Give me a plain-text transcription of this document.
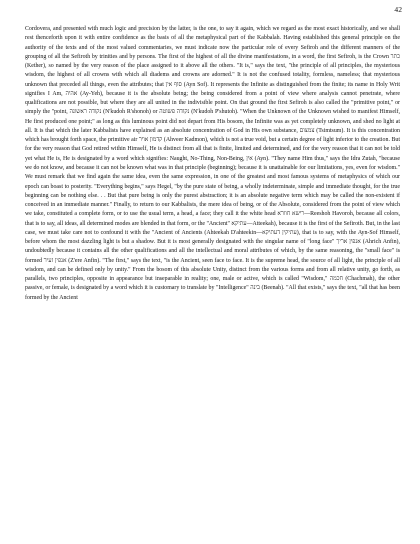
42

Cordovera, and presented with much logic and precision by the latter, is the one, to say it again, which we regard as the most exact historically, and we shall rest thenceforth upon it with entire confidence as the basis of all the metaphysical part of the Kabbalah. Having established this general principle on the authority of the texts and of the most valued commentaries, we must indicate now the particular role of every Sefiroh and the different manners of the grouping of all the Sefiroth by trinities and by persons. The first of the highest of all the divine manifestations, in a word, the first Sefiroh, is the Crown כתר (Kether), so named by the very reason of the place assigned to it above all the others. "It is," says the text, "the principle of all principles, the mysterious wisdom, the highest of all crowns with which all diadems and crowns are adorned." It is not the confused totality, formless, nameless; that mysterious unknown that preceded all things, even the attributes; that סוף אין (Ayn Sof). It represents the Infinite as distinguished from the finite; its name in Holy Writ signifies I Am, אהיה (Ay-Yeh), because it is the absolute being; the being considered from a point of view where analysis cannot penetrate, where qualifications are not possible, but where they are all united in the indivisible point. On that ground the first Sefiroh is also called the "primitive point," or simply the "point, נקודה ראשונה (N'kudoh R'shonoh) or נקודה פשוטה (N'kudoh P'shutoh). "When the Unknown of the Unknown wished to manifest Himself, He first produced one point;" as long as this luminous point did not depart from His bosom, the Infinite was as yet completely unknown, and shed no light at all. It is that which the later Kabbalists have explained as an absolute concentration of God in His own substance, צמצום (Tsimtsum). It is this concentration which has brought forth space, the primitive air קדמון אויר (Ahveer Kadmon), which is not a true void, but a certain degree of light inferior to the creation. But for the very reason that God retired within Himself, He is distinct from all that is finite, limited and determined, and for the very reason that it can not be told yet what He is, He is designated by a word which signifies: Naught, No-Thing, Non-Being, אין (Ayn). "They name Him thus," says the Idra Zutah, "because we do not know, and because it can not be known what was in that principle (beginning); because it is unattainable for our limitations, yes, even for wisdom." We must remark that we find again the same idea, even the same expression, in one of the greatest and most famous systems of metaphysics of which our epoch can boast to posterity. "Everything begins," says Hegel, "by the pure state of being, a wholly indeterminate, simple and immediate thought, for the true beginning can be nothing else. . . But that pure being is only the purest abstraction; it is an absolute negative term which may be called the non-existent if conceived in an immediate manner." Finally, to return to our Kabbalists, the mere idea of being, or of the Absolute, considered from the point of view which we take, constituted a complete form, or to use the usual term, a head, a face; they call it the white head רישא חוורא—Reeshoh Havoroh, because all colors, that is to say, all ideas, all determined modes are blended in that form, or the "Ancient" עתיקא—Atteekah), because it is the first of the Sefiroth. But, in the last case, we must take care not to confound it with the "Ancient of Ancients (Ahteekah D'ahteekin—עתיקין דעתיקא), that is to say, with the Ayn-Sof Himself, before whom the most dazzling light is but a shadow. But it is most generally designated with the singular name of "long face" אנפין אריך (Ahrich Anfin), undoubtedly because it contains all the other qualifications and all the intellectual and moral attributes of which, by the same reasoning, the "small face" is formed אנפין זעיר (Z'ere Anfin). "The first," says the text, "is the Ancient, seen face to face. It is the supreme head, the source of all light, the principle of all wisdom, and can be defined only by unity." From the bosom of this absolute Unity, distinct from the various forms and from all relative unity, go forth, as parallels, two principles, opposite in appearance but inseparable in reality; one, male or active, which is called "Wisdom," חכמה (Chachmah), the other passive, or female, is designated by a word which it is customary to translate by "Intelligence" בינה (Beenah). "All that exists," says the text, "all that has been formed by the Ancient
